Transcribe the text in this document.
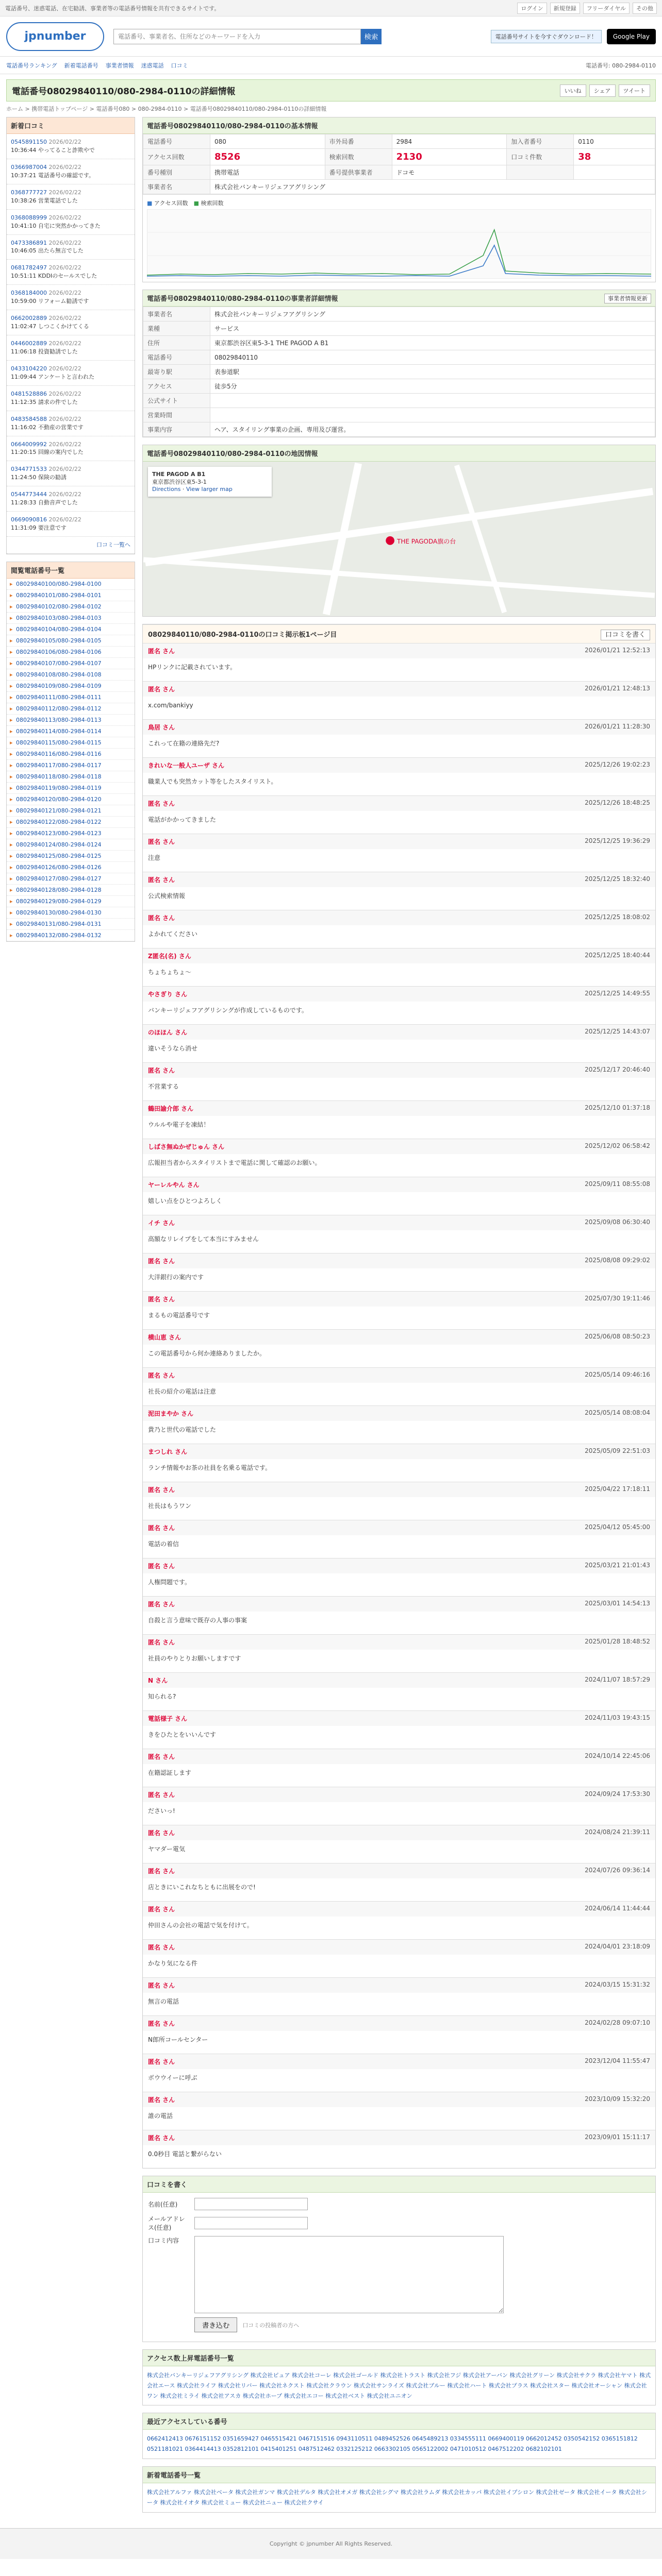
電話番号、迷惑電話、在宅勧誘、事業者等の電話番号情報を共有できるサイトです。	ログイン	新規登録	フリーダイヤル	その他
jpnumber
電話番号、事業者名、住所などのキーワードを入力	検索	電話番号サイトを今すぐダウンロード！	Google Play
電話番号ランキング 新着電話番号 事業者情報 迷惑電話 口コミ	電話番号: 080-2984-0110
電話番号08029840110/080-2984-0110の詳細情報	いいね	シェア	ツイート
ホーム > 携帯電話トップページ > 電話番号080 > 080-2984-0110 > 電話番号08029840110/080-2984-0110の詳細情報
新着口コミ
0545891150 2026/02/22
10:36:44 やってること詐欺やで
0366987004 2026/02/22
10:37:21 電話番号の確認です。
0368777727 2026/02/22
10:38:26 営業電話でした
0368088999 2026/02/22
10:41:10 自宅に突然かかってきた
0473386891 2026/02/22
10:46:05 出たら無言でした
0681782497 2026/02/22
10:51:11 KDDIのセールスでした
0368184000 2026/02/22
10:59:00 リフォーム勧誘です
0662002889 2026/02/22
11:02:47 しつこくかけてくる
0446002889 2026/02/22
11:06:18 投資勧誘でした
0433104220 2026/02/22
11:09:44 アンケートと言われた
0481528886 2026/02/22
11:12:35 請求の件でした
0483584588 2026/02/22
11:16:02 不動産の営業です
0664009992 2026/02/22
11:20:15 回線の案内でした
0344771533 2026/02/22
11:24:50 保険の勧誘
0544773444 2026/02/22
11:28:33 自動音声でした
0669090816 2026/02/22
11:31:09 要注意です
口コミ一覧へ
閲覧電話番号一覧
▸ 08029840100/080-2984-0100
▸ 08029840101/080-2984-0101
▸ 08029840102/080-2984-0102
▸ 08029840103/080-2984-0103
▸ 08029840104/080-2984-0104
▸ 08029840105/080-2984-0105
▸ 08029840106/080-2984-0106
▸ 08029840107/080-2984-0107
▸ 08029840108/080-2984-0108
▸ 08029840109/080-2984-0109
▸ 08029840111/080-2984-0111
▸ 08029840112/080-2984-0112
▸ 08029840113/080-2984-0113
▸ 08029840114/080-2984-0114
▸ 08029840115/080-2984-0115
▸ 08029840116/080-2984-0116
▸ 08029840117/080-2984-0117
▸ 08029840118/080-2984-0118
▸ 08029840119/080-2984-0119
▸ 08029840120/080-2984-0120
▸ 08029840121/080-2984-0121
▸ 08029840122/080-2984-0122
▸ 08029840123/080-2984-0123
▸ 08029840124/080-2984-0124
▸ 08029840125/080-2984-0125
▸ 08029840126/080-2984-0126
▸ 08029840127/080-2984-0127
▸ 08029840128/080-2984-0128
▸ 08029840129/080-2984-0129
▸ 08029840130/080-2984-0130
▸ 08029840131/080-2984-0131
▸ 08029840132/080-2984-0132
電話番号08029840110/080-2984-0110の基本情報
電話番号	080	市外局番	2984	加入者番号	0110
アクセス回数	8526	検索回数	2130	口コミ件数	38
番号種別	携帯電話	番号提供事業者	ドコモ		
事業者名	株式会社バンキーリジェフアグリシング				
■ アクセス回数　 ■ 検索回数
電話番号08029840110/080-2984-0110の事業者詳細情報	事業者情報更新
事業者名	株式会社バンキーリジェフアグリシング
業種	サービス
住所	東京都渋谷区東5-3-1 THE PAGOD A B1
電話番号	08029840110
最寄り駅	表参道駅
アクセス	徒歩5分
公式サイト	
営業時間	
事業内容	ヘア、スタイリング事業の企画、専用及び運営。
電話番号08029840110/080-2984-0110の地図情報
THE PAGOD A B1
東京都渋谷区東5-3-1
Directions · View larger map
● THE PAGODA旗の台
08029840110/080-2984-0110の口コミ掲示板1ページ目	口コミを書く
匿名 さん	2026/01/21 12:52:13
HPリンクに記載されています。
匿名 さん	2026/01/21 12:48:13
x.com/bankiyy
鳥居 さん	2026/01/21 11:28:30
これって在籍の連絡先だ?
きれいな一般人ユーザ さん	2025/12/26 19:02:23
職業人でも突然カット等をしたスタイリスト。
匿名 さん	2025/12/26 18:48:25
電話がかかってきました
匿名 さん	2025/12/25 19:36:29
注意
匿名 さん	2025/12/25 18:32:40
公式検索情報
匿名 さん	2025/12/25 18:08:02
よかれてください
Z匿名(名) さん	2025/12/25 18:40:44
ちょちょちょ〜
やさぎり さん	2025/12/25 14:49:55
バンキーリジェフアグリシングが作成しているものです。
のほほん さん	2025/12/25 14:43:07
違いそうなら消せ
匿名 さん	2025/12/17 20:46:40
不営業する
鶴田諭介郎 さん	2025/12/10 01:37:18
ウルルや電子を凍結！
しばさ無ぬかぜじゅん さん	2025/12/02 06:58:42
広報担当者からスタイリストまで電話に関して確認のお願い。
ヤーレルやん さん	2025/09/11 08:55:08
嬉しい点をひとつよろしく
イチ さん	2025/09/08 06:30:40
高額なリレイプをして本当にすみません
匿名 さん	2025/08/08 09:29:02
大洋銀行の案内です
匿名 さん	2025/07/30 19:11:46
まるもの電話番号です
横山恵 さん	2025/06/08 08:50:23
この電話番号から何か連絡ありましたか。
匿名 さん	2025/05/14 09:46:16
社長の紹介の電話は注意
泥田まやか さん	2025/05/14 08:08:04
貴乃と世代の電話でした
まつしれ さん	2025/05/09 22:51:03
ランチ情報やお茶の社員を名乗る電話です。
匿名 さん	2025/04/22 17:18:11
社長はもうワン
匿名 さん	2025/04/12 05:45:00
電話の着信
匿名 さん	2025/03/21 21:01:43
人権問題です。
匿名 さん	2025/03/01 14:54:13
自殺と言う意味で既存の人事の事案
匿名 さん	2025/01/28 18:48:52
社員のやりとりお願いしますです
N さん	2024/11/07 18:57:29
知られる?
電話様子 さん	2024/11/03 19:43:15
きをひたとをいいんです
匿名 さん	2024/10/14 22:45:06
在籍認証します
匿名 さん	2024/09/24 17:53:30
ださいっ!
匿名 さん	2024/08/24 21:39:11
ヤマダー電気
匿名 さん	2024/07/26 09:36:14
店ときにいこれなちともに出展をので!
匿名 さん	2024/06/14 11:44:44
仲田さんの会社の電話で気を付けて。
匿名 さん	2024/04/01 23:18:09
かなり気になる件
匿名 さん	2024/03/15 15:31:32
無言の電話
匿名 さん	2024/02/28 09:07:10
N郎所コールセンター
匿名 さん	2023/12/04 11:55:47
ボウウイーに呼ぶ
匿名 さん	2023/10/09 15:32:20
誰の電話
匿名 さん	2023/09/01 15:11:17
0.0秒目 電話と繋がらない
口コミを書く
名前(任意)
メールアドレス(任意)
口コミ内容
書き込む	口コミの投稿者の方へ
アクセス数上昇電話番号一覧
株式会社バンキーリジェフアグリシング 株式会社ピュア 株式会社コーレ 株式会社ゴールド 株式会社トラスト 株式会社フジ 株式会社アーバン 株式会社グリーン 株式会社サクラ 株式会社ヤマト 株式会社エース 株式会社ライフ 株式会社リバー 株式会社ネクスト 株式会社クラウン 株式会社サンライズ 株式会社ブルー 株式会社ハート 株式会社プラス 株式会社スター 株式会社オーシャン 株式会社ワン 株式会社ミライ 株式会社アスカ 株式会社ホープ 株式会社エコー 株式会社ベスト 株式会社ユニオン
最近アクセスしている番号
0662412413 0676151152 0351659427 0465515421 0467151516 0943110511 0489452526 0645489213 0334555111 0669400119 0662012452 0350542152 0365151812 0521181021 0364414413 0352812101 0415401251 0487512462 0332125212 0663302105 0565122002 0471010512 0467512202 0682102101
新着電話番号一覧
株式会社アルファ 株式会社ベータ 株式会社ガンマ 株式会社デルタ 株式会社オメガ 株式会社シグマ 株式会社ラムダ 株式会社カッパ 株式会社イプシロン 株式会社ゼータ 株式会社イータ 株式会社シータ 株式会社イオタ 株式会社ミュー 株式会社ニュー 株式会社クサイ
Copyright © jpnumber All Rights Reserved.
